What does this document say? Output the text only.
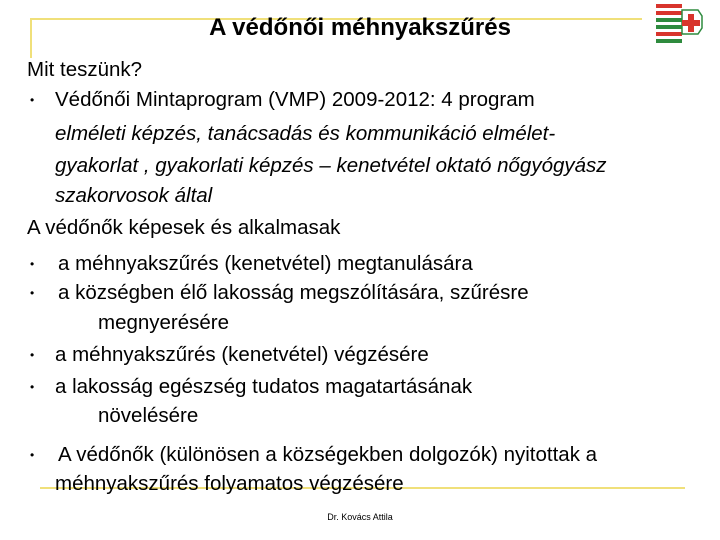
A védőnői méhnyakszűrés
Mit teszünk?
• Védőnői Mintaprogram (VMP) 2009-2012: 4 program
elméleti képzés, tanácsadás és kommunikáció elmélet-
gyakorlat , gyakorlati képzés – kenetvétel oktató nőgyógyász
szakorvosok által
A védőnők képesek és alkalmasak
• a méhnyakszűrés (kenetvétel) megtanulására
• a községben élő lakosság megszólítására, szűrésre
megnyerésére
• a méhnyakszűrés (kenetvétel) végzésére
• a lakosság egészség tudatos magatartásának
növelésére
• A védőnők (különösen a községekben dolgozók) nyitottak a
méhnyakszűrés folyamatos végzésére
Dr. Kovács Attila
